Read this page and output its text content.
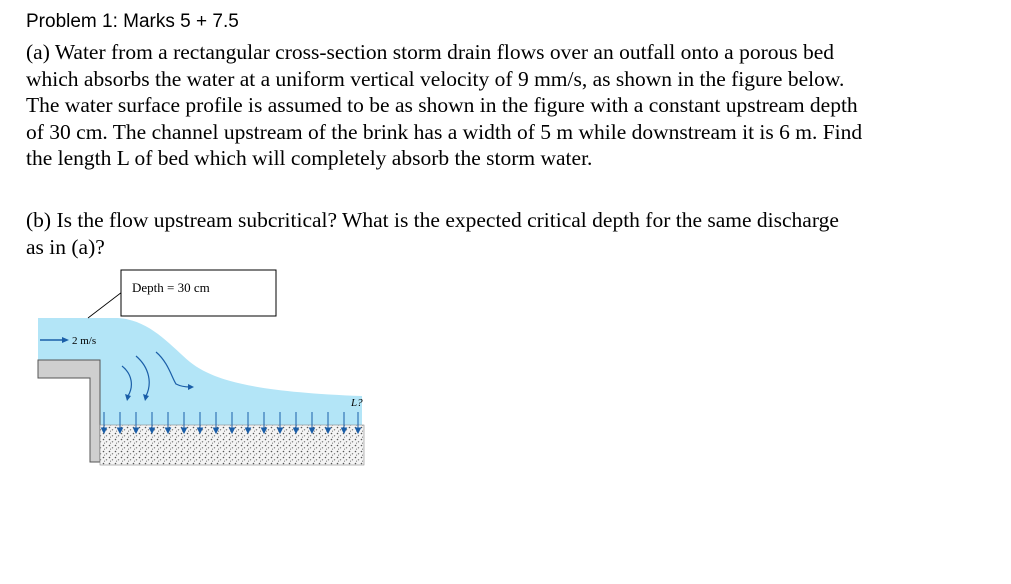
Problem 1: Marks 5 + 7.5
(a) Water from a rectangular cross-section storm drain flows over an outfall onto a porous bed
which absorbs the water at a uniform vertical velocity of 9 mm/s, as shown in the figure below.
The water surface profile is assumed to be as shown in the figure with a constant upstream depth
of 30 cm. The channel upstream of the brink has a width of 5 m while downstream it is 6 m. Find
the length L of bed which will completely absorb the storm water.
(b) Is the flow upstream subcritical? What is the expected critical depth for the same discharge
as in (a)?
2 m/s
Depth = 30 cm
L?
